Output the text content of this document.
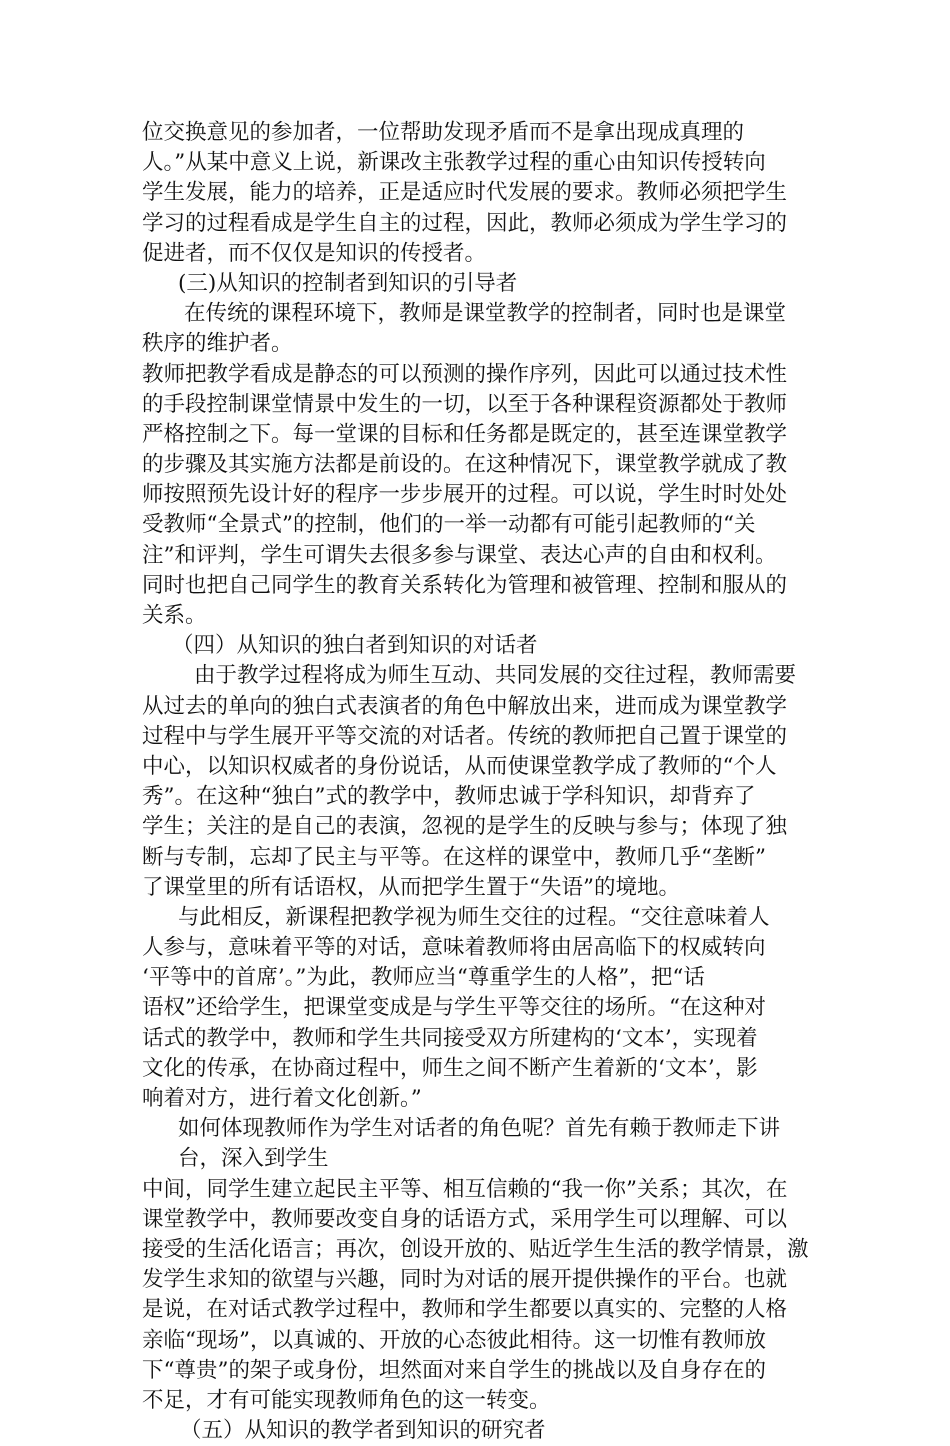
位交换意见的参加者，一位帮助发现矛盾而不是拿出现成真理的
人。”从某中意义上说，新课改主张教学过程的重心由知识传授转向
学生发展，能力的培养，正是适应时代发展的要求。教师必须把学生
学习的过程看成是学生自主的过程，因此，教师必须成为学生学习的
促进者，而不仅仅是知识的传授者。
(三)从知识的控制者到知识的引导者
在传统的课程环境下，教师是课堂教学的控制者，同时也是课堂
秩序的维护者。
教师把教学看成是静态的可以预测的操作序列，因此可以通过技术性
的手段控制课堂情景中发生的一切，以至于各种课程资源都处于教师
严格控制之下。每一堂课的目标和任务都是既定的，甚至连课堂教学
的步骤及其实施方法都是前设的。在这种情况下，课堂教学就成了教
师按照预先设计好的程序一步步展开的过程。可以说，学生时时处处
受教师“全景式”的控制，他们的一举一动都有可能引起教师的“关
注”和评判，学生可谓失去很多参与课堂、表达心声的自由和权利。
同时也把自己同学生的教育关系转化为管理和被管理、控制和服从的
关系。
（四）从知识的独白者到知识的对话者
由于教学过程将成为师生互动、共同发展的交往过程，教师需要
从过去的单向的独白式表演者的角色中解放出来，进而成为课堂教学
过程中与学生展开平等交流的对话者。传统的教师把自己置于课堂的
中心，以知识权威者的身份说话，从而使课堂教学成了教师的“个人
秀”。在这种“独白”式的教学中，教师忠诚于学科知识，却背弃了
学生；关注的是自己的表演，忽视的是学生的反映与参与；体现了独
断与专制，忘却了民主与平等。在这样的课堂中，教师几乎“垄断”
了课堂里的所有话语权，从而把学生置于“失语”的境地。
与此相反，新课程把教学视为师生交往的过程。“交往意味着人
人参与，意味着平等的对话，意味着教师将由居高临下的权威转向
‘平等中的首席’。”为此，教师应当“尊重学生的人格”，把“话
语权”还给学生，把课堂变成是与学生平等交往的场所。“在这种对
话式的教学中，教师和学生共同接受双方所建构的‘文本’，实现着
文化的传承，在协商过程中，师生之间不断产生着新的‘文本’，影
响着对方，进行着文化创新。”
如何体现教师作为学生对话者的角色呢？首先有赖于教师走下讲
台，深入到学生
中间，同学生建立起民主平等、相互信赖的“我一你”关系；其次，在
课堂教学中，教师要改变自身的话语方式，采用学生可以理解、可以
接受的生活化语言；再次，创设开放的、贴近学生生活的教学情景，激
发学生求知的欲望与兴趣，同时为对话的展开提供操作的平台。也就
是说，在对话式教学过程中，教师和学生都要以真实的、完整的人格
亲临“现场”，以真诚的、开放的心态彼此相待。这一切惟有教师放
下“尊贵”的架子或身份，坦然面对来自学生的挑战以及自身存在的
不足，才有可能实现教师角色的这一转变。
（五）从知识的教学者到知识的研究者
